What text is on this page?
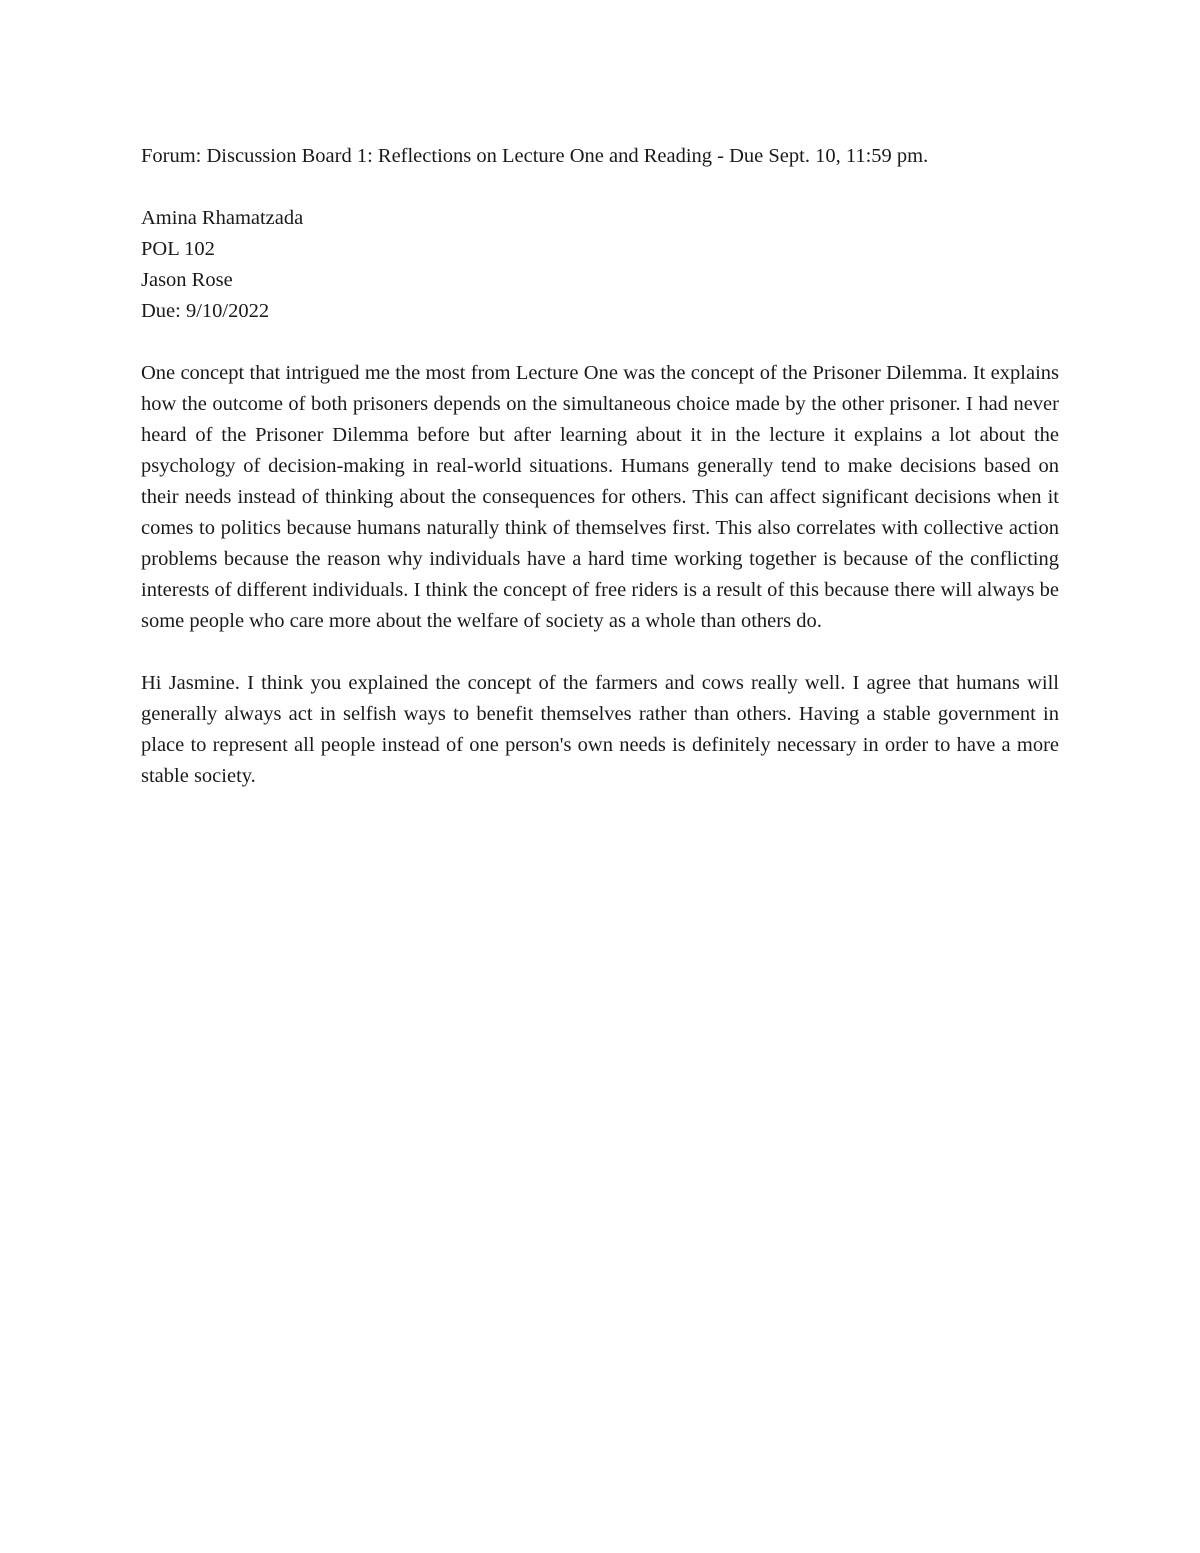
Forum: Discussion Board 1: Reflections on Lecture One and Reading - Due Sept. 10, 11:59 pm.

Amina Rhamatzada
POL 102
Jason Rose
Due: 9/10/2022

One concept that intrigued me the most from Lecture One was the concept of the Prisoner Dilemma. It explains how the outcome of both prisoners depends on the simultaneous choice made by the other prisoner. I had never heard of the Prisoner Dilemma before but after learning about it in the lecture it explains a lot about the psychology of decision-making in real-world situations. Humans generally tend to make decisions based on their needs instead of thinking about the consequences for others. This can affect significant decisions when it comes to politics because humans naturally think of themselves first. This also correlates with collective action problems because the reason why individuals have a hard time working together is because of the conflicting interests of different individuals. I think the concept of free riders is a result of this because there will always be some people who care more about the welfare of society as a whole than others do.

Hi Jasmine. I think you explained the concept of the farmers and cows really well. I agree that humans will generally always act in selfish ways to benefit themselves rather than others. Having a stable government in place to represent all people instead of one person's own needs is definitely necessary in order to have a more stable society.
